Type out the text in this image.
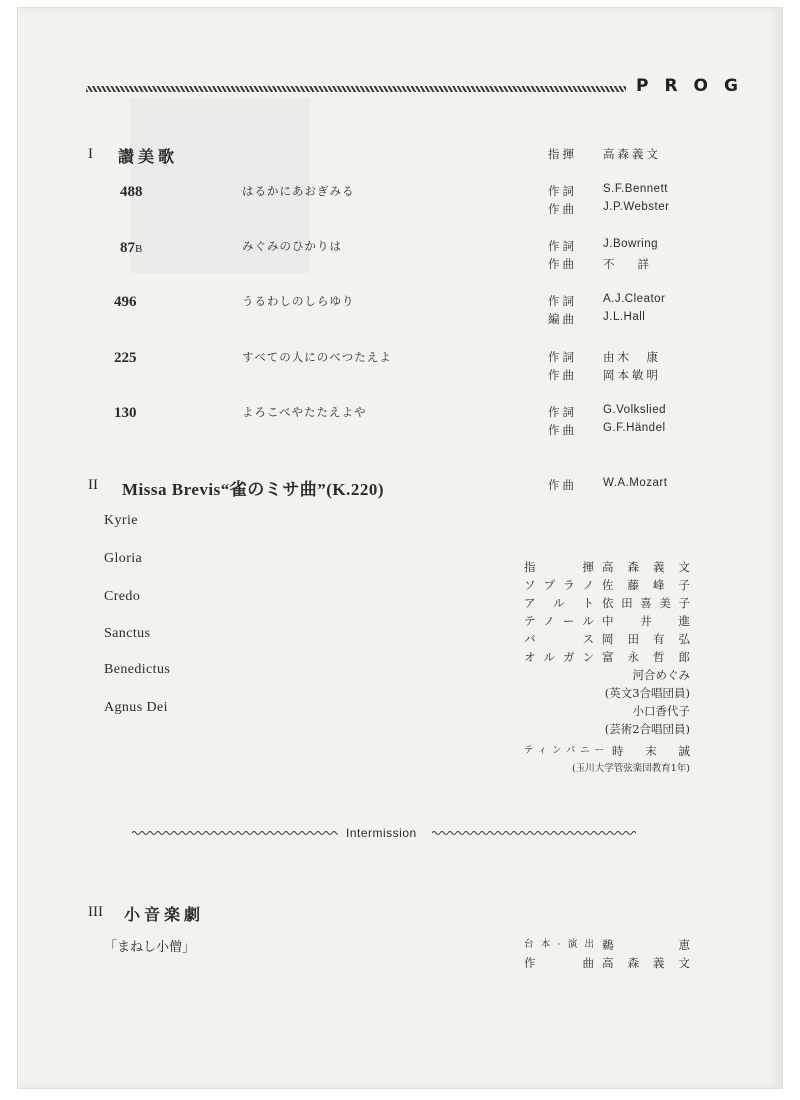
PROG
I 讃美歌	指揮 高森義文
488	はるかにあおぎみる	作詞 S.F.Bennett
作曲 J.P.Webster
87B	みぐみのひかりは	作詞 J.Bowring
作曲 不　　詳
496	うるわしのしらゆり	作詞 A.J.Cleator
編曲 J.L.Hall
225	すべての人にのべつたえよ	作詞 由木　康
作曲 岡本敏明
130	よろこべやたたえよや	作詞 G.Volkslied
作曲 G.F.Händel
II Missa Brevis“雀のミサ曲”(K.220)	作曲 W.A.Mozart
Kyrie
Gloria
Credo
Sanctus
Benedictus
Agnus Dei
指揮 高森義文
ソプラノ 佐藤峰子
アルト 依田喜美子
テノール 中井進
バス 岡田有弘
オルガン 富永哲郎
河合めぐみ
(英文3合唱団員)
小口香代子
(芸術2合唱団員)
ティンパニー 時末誠
(玉川大学管弦楽団教育1年)
Intermission
III 小音楽劇
「まねし小僧」	台本·演出 鵜恵
作曲 高森義文
